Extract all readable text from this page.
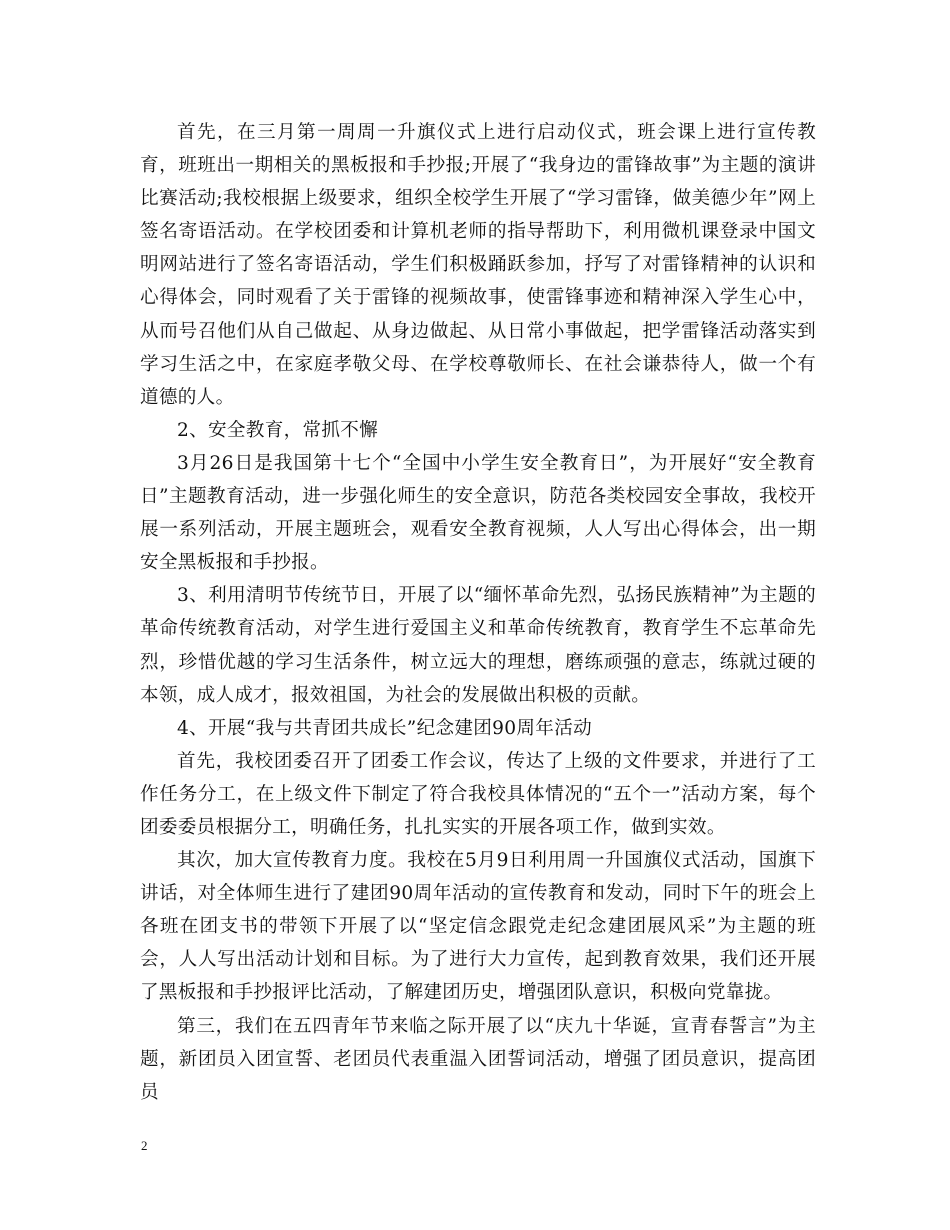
首先，在三月第一周周一升旗仪式上进行启动仪式，班会课上进行宣传教育，班班出一期相关的黑板报和手抄报;开展了“我身边的雷锋故事”为主题的演讲比赛活动;我校根据上级要求，组织全校学生开展了“学习雷锋，做美德少年”网上签名寄语活动。在学校团委和计算机老师的指导帮助下，利用微机课登录中国文明网站进行了签名寄语活动，学生们积极踊跃参加，抒写了对雷锋精神的认识和心得体会，同时观看了关于雷锋的视频故事，使雷锋事迹和精神深入学生心中，从而号召他们从自己做起、从身边做起、从日常小事做起，把学雷锋活动落实到学习生活之中，在家庭孝敬父母、在学校尊敬师长、在社会谦恭待人，做一个有道德的人。

2、安全教育，常抓不懈

3月26日是我国第十七个“全国中小学生安全教育日”，为开展好“安全教育日”主题教育活动，进一步强化师生的安全意识，防范各类校园安全事故，我校开展一系列活动，开展主题班会，观看安全教育视频，人人写出心得体会，出一期安全黑板报和手抄报。

3、利用清明节传统节日，开展了以“缅怀革命先烈，弘扬民族精神”为主题的革命传统教育活动，对学生进行爱国主义和革命传统教育，教育学生不忘革命先烈，珍惜优越的学习生活条件，树立远大的理想，磨练顽强的意志，练就过硬的本领，成人成才，报效祖国，为社会的发展做出积极的贡献。

4、开展“我与共青团共成长”纪念建团90周年活动

首先，我校团委召开了团委工作会议，传达了上级的文件要求，并进行了工作任务分工，在上级文件下制定了符合我校具体情况的“五个一”活动方案，每个团委委员根据分工，明确任务，扎扎实实的开展各项工作，做到实效。

其次，加大宣传教育力度。我校在5月9日利用周一升国旗仪式活动，国旗下讲话，对全体师生进行了建团90周年活动的宣传教育和发动，同时下午的班会上各班在团支书的带领下开展了以“坚定信念跟党走纪念建团展风采”为主题的班会，人人写出活动计划和目标。为了进行大力宣传，起到教育效果，我们还开展了黑板报和手抄报评比活动，了解建团历史，增强团队意识，积极向党靠拢。

第三，我们在五四青年节来临之际开展了以“庆九十华诞，宣青春誓言”为主题，新团员入团宣誓、老团员代表重温入团誓词活动，增强了团员意识，提高团员

2
